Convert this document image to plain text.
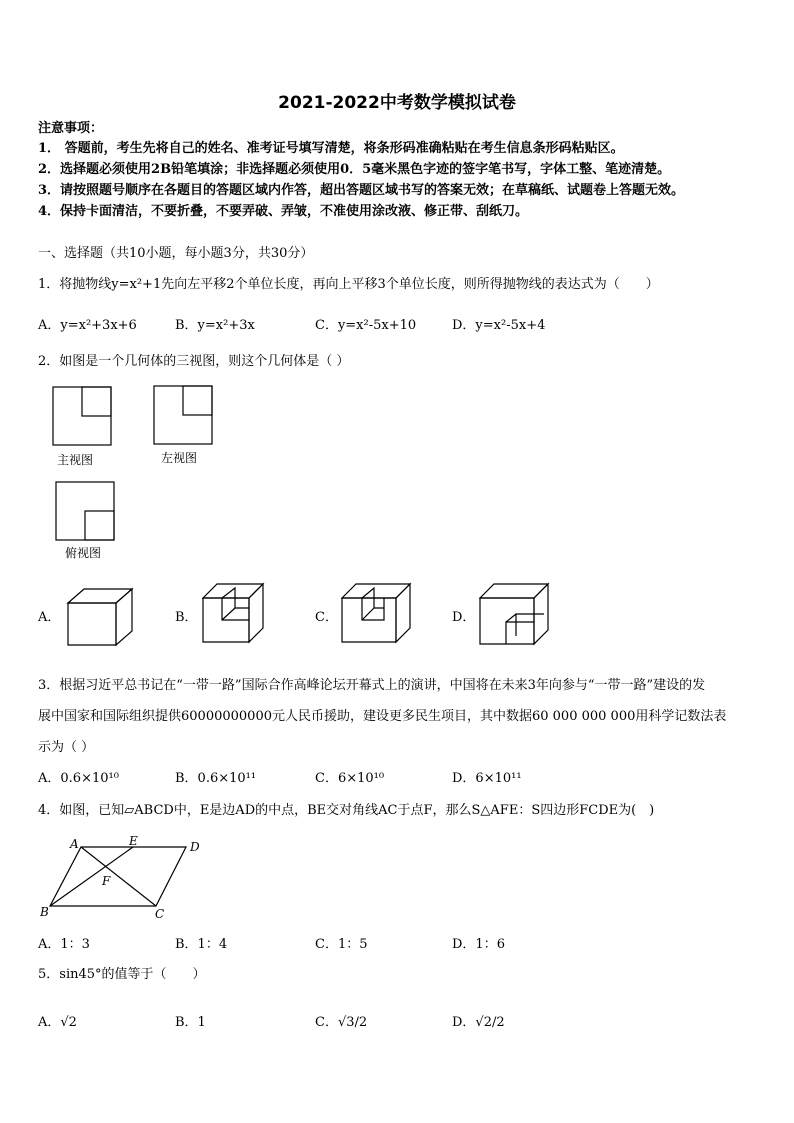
2021-2022中考数学模拟试卷
注意事项：
1． 答题前，考生先将自己的姓名、准考证号填写清楚，将条形码准确粘贴在考生信息条形码粘贴区。
2．选择题必须使用2B铅笔填涂；非选择题必须使用0．5毫米黑色字迹的签字笔书写，字体工整、笔迹清楚。
3．请按照题号顺序在各题目的答题区域内作答，超出答题区域书写的答案无效；在草稿纸、试题卷上答题无效。
4．保持卡面清洁，不要折叠，不要弄破、弄皱，不准使用涂改液、修正带、刮纸刀。
一、选择题（共10小题，每小题3分，共30分）
1．将抛物线y=x²+1先向左平移2个单位长度，再向上平移3个单位长度，则所得抛物线的表达式为（　　）
A．y=x²+3x+6	B．y=x²+3x	C．y=x²-5x+10	D．y=x²-5x+4
2．如图是一个几何体的三视图，则这个几何体是（ ）
主视图	左视图
俯视图
A．	B．	C．	D．
3．根据习近平总书记在“一带一路”国际合作高峰论坛开幕式上的演讲，中国将在未来3年向参与“一带一路”建设的发
展中国家和国际组织提供60000000000元人民币援助，建设更多民生项目，其中数据60 000 000 000用科学记数法表
示为（ ）
A．0.6×10¹⁰	B．0.6×10¹¹	C．6×10¹⁰	D．6×10¹¹
4．如图，已知▱ABCD中，E是边AD的中点，BE交对角线AC于点F，那么S△AFE：S四边形FCDE为(　)
A	E	D
F
B	C
A．1：3	B．1：4	C．1：5	D．1：6
5．sin45°的值等于（　　）
A．√2	B．1	C．√3/2	D．√2/2
